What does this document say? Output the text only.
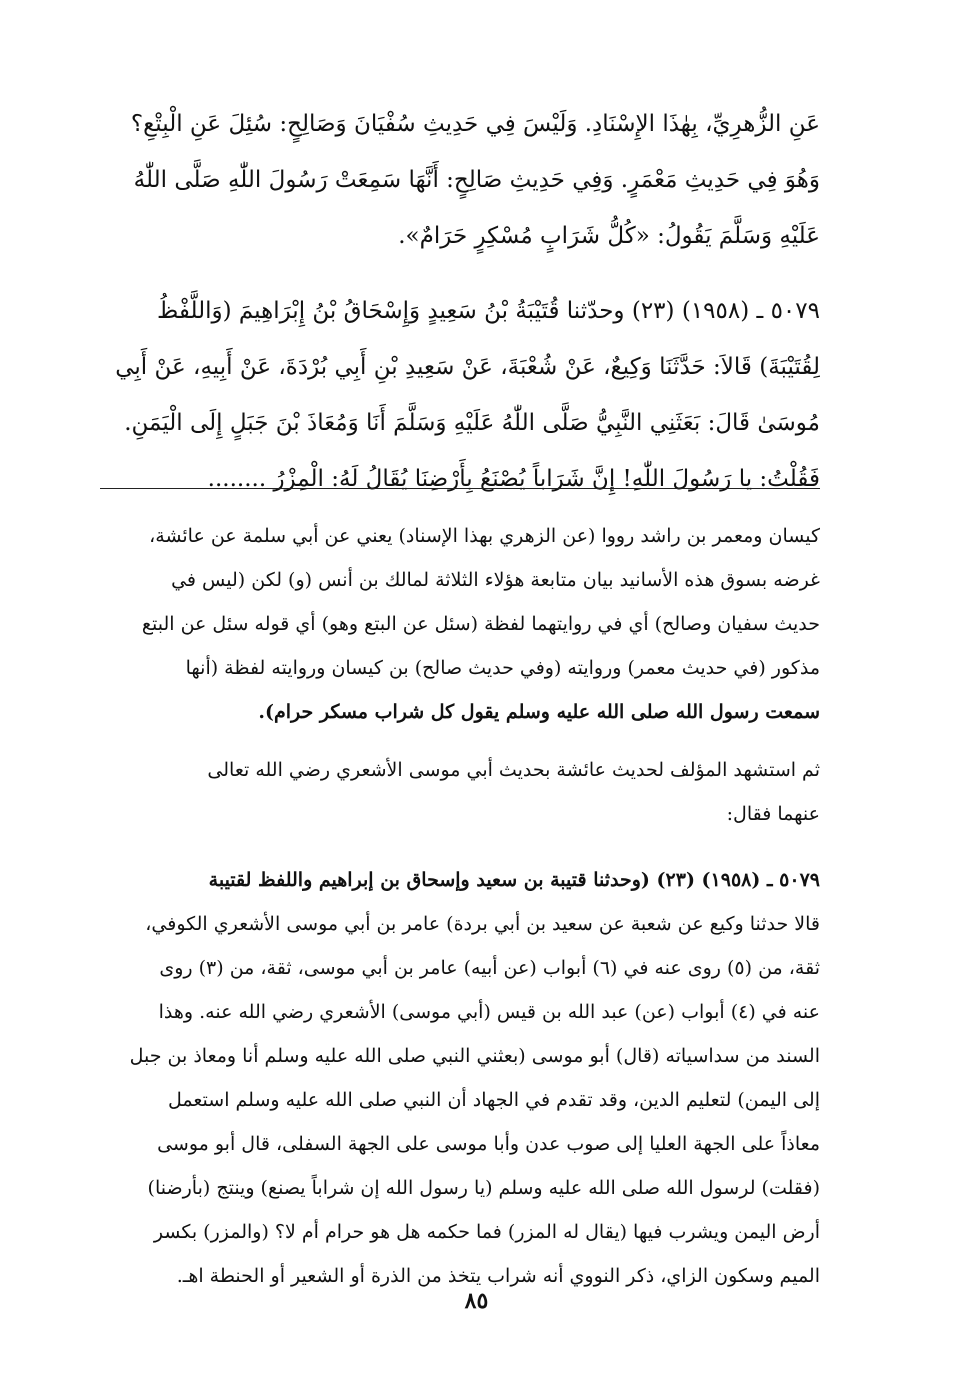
عَنِ الزُّهرِيِّ، بِهٰذَا الإِسْنَادِ. وَلَيْسَ فِي حَدِيثِ سُفْيَانَ وَصَالِحٍ: سُئِلَ عَنِ الْبِتْعِ؟
وَهُوَ فِي حَدِيثِ مَعْمَرٍ. وَفِي حَدِيثِ صَالِحٍ: أَنَّهَا سَمِعَتْ رَسُولَ اللّٰهِ صَلَّى اللّٰهُ
عَلَيْهِ وَسَلَّمَ يَقُولُ: «كُلُّ شَرَابٍ مُسْكِرٍ حَرَامٌ».
٥٠٧٩ ـ (١٩٥٨) (٢٣) وحدّثنا قُتَيْبَةُ بْنُ سَعِيدٍ وَإِسْحَاقُ بْنُ إِبْرَاهِيمَ (وَاللَّفْظُ
لِقُتَيْبَةَ) قَالاَ: حَدَّثَنَا وَكِيعٌ، عَنْ شُعْبَةَ، عَنْ سَعِيدِ بْنِ أَبِي بُرْدَةَ، عَنْ أَبِيهِ، عَنْ أَبِي
مُوسَىٰ قَالَ: بَعَثَنِي النَّبِيُّ صَلَّى اللّٰهُ عَلَيْهِ وَسَلَّمَ أَنَا وَمُعَاذَ بْنَ جَبَلٍ إِلَى الْيَمَنِ.
فَقُلْتُ: يا رَسُولَ اللّٰهِ! إِنَّ شَرَاباً يُصْنَعُ بِأَرْضِنَا يُقَالُ لَهُ: الْمِزْرُ ........
كيسان ومعمر بن راشد رووا (عن الزهري بهذا الإسناد) يعني عن أبي سلمة عن عائشة،
غرضه بسوق هذه الأسانيد بيان متابعة هؤلاء الثلاثة لمالك بن أنس (و) لكن (ليس في
حديث سفيان وصالح) أي في روايتهما لفظة (سئل عن البتع وهو) أي قوله سئل عن البتع
مذكور (في حديث معمر) وروايته (وفي حديث صالح) بن كيسان وروايته لفظة (أنها
سمعت رسول الله صلى الله عليه وسلم يقول كل شراب مسكر حرام).
ثم استشهد المؤلف لحديث عائشة بحديث أبي موسى الأشعري رضي الله تعالى
عنهما فقال:
٥٠٧٩ ـ (١٩٥٨) (٢٣) (وحدثنا قتيبة بن سعيد وإسحاق بن إبراهيم واللفظ لقتيبة
قالا حدثنا وكيع عن شعبة عن سعيد بن أبي بردة) عامر بن أبي موسى الأشعري الكوفي،
ثقة، من (٥) روى عنه في (٦) أبواب (عن أبيه) عامر بن أبي موسى، ثقة، من (٣) روى
عنه في (٤) أبواب (عن) عبد الله بن قيس (أبي موسى) الأشعري رضي الله عنه. وهذا
السند من سداسياته (قال) أبو موسى (بعثني النبي صلى الله عليه وسلم أنا ومعاذ بن جبل
إلى اليمن) لتعليم الدين، وقد تقدم في الجهاد أن النبي صلى الله عليه وسلم استعمل
معاذاً على الجهة العليا إلى صوب عدن وأبا موسى على الجهة السفلى، قال أبو موسى
(فقلت) لرسول الله صلى الله عليه وسلم (يا رسول الله إن شراباً يصنع) وينتج (بأرضنا)
أرض اليمن ويشرب فيها (يقال له المزر) فما حكمه هل هو حرام أم لا؟ (والمزر) بكسر
الميم وسكون الزاي، ذكر النووي أنه شراب يتخذ من الذرة أو الشعير أو الحنطة اهـ.
٨٥
